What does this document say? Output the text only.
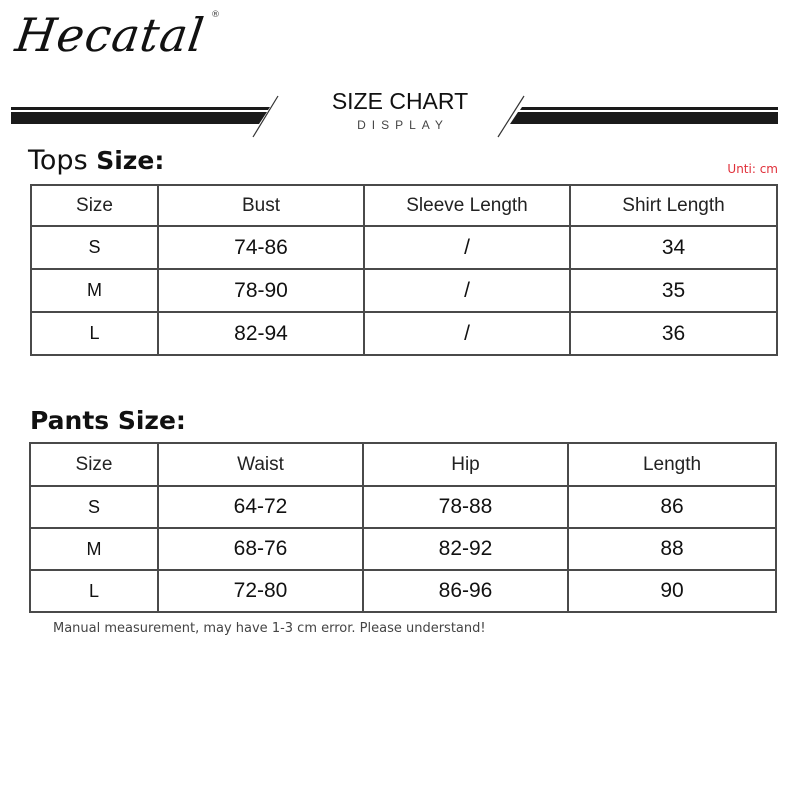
Hecatal ®
SIZE CHART
DISPLAY
Tops Size:	Unti: cm
Size	Bust	Sleeve Length	Shirt Length
S	74-86	/	34
M	78-90	/	35
L	82-94	/	36
Pants Size:
Size	Waist	Hip	Length
S	64-72	78-88	86
M	68-76	82-92	88
L	72-80	86-96	90
Manual measurement, may have 1-3 cm error. Please understand!
